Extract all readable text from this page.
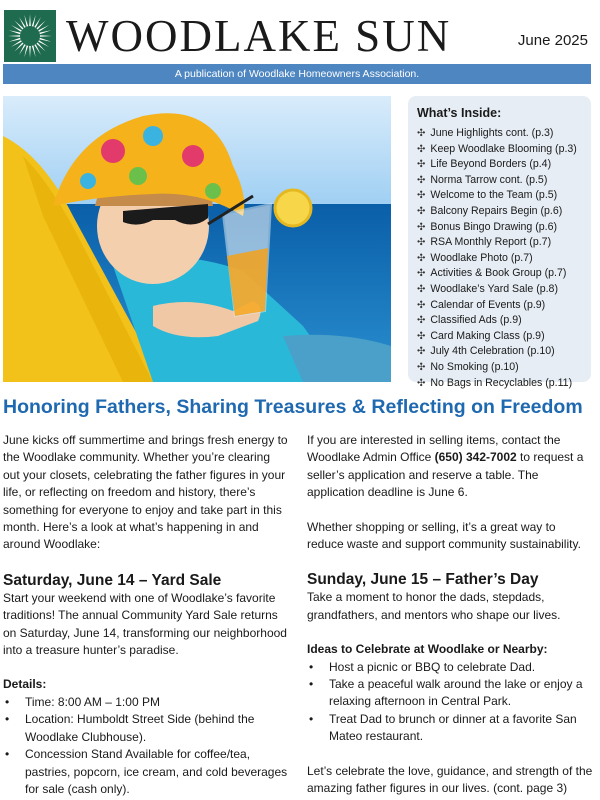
WOODLAKE SUN	June 2025
A publication of Woodlake Homeowners Association.
What’s Inside:
✣ June Highlights cont. (p.3)
✣ Keep Woodlake Blooming (p.3)
✣ Life Beyond Borders (p.4)
✣ Norma Tarrow cont. (p.5)
✣ Welcome to the Team (p.5)
✣ Balcony Repairs Begin (p.6)
✣ Bonus Bingo Drawing (p.6)
✣ RSA Monthly Report (p.7)
✣ Woodlake Photo (p.7)
✣ Activities & Book Group (p.7)
✣ Woodlake’s Yard Sale (p.8)
✣ Calendar of Events (p.9)
✣ Classified Ads (p.9)
✣ Card Making Class (p.9)
✣ July 4th Celebration (p.10)
✣ No Smoking (p.10)
✣ No Bags in Recyclables (p.11)
Honoring Fathers, Sharing Treasures & Reflecting on Freedom

June kicks off summertime and brings fresh energy to the Woodlake community. Whether you’re clearing out your closets, celebrating the father figures in your life, or reflecting on freedom and history, there’s something for everyone to enjoy and take part in this month. Here’s a look at what’s happening in and around Woodlake:

Saturday, June 14 – Yard Sale

Start your weekend with one of Woodlake’s favorite traditions! The annual Community Yard Sale returns on Saturday, June 14, transforming our neighborhood into a treasure hunter’s paradise.

Details:
• Time: 8:00 AM – 1:00 PM
• Location: Humboldt Street Side (behind the Woodlake Clubhouse).
• Concession Stand Available for coffee/tea, pastries, popcorn, ice cream, and cold beverages for sale (cash only).

If you are interested in selling items, contact the Woodlake Admin Office (650) 342-7002 to request a seller’s application and reserve a table. The application deadline is June 6.

Whether shopping or selling, it’s a great way to reduce waste and support community sustainability.

Sunday, June 15 – Father’s Day

Take a moment to honor the dads, stepdads, grandfathers, and mentors who shape our lives.

Ideas to Celebrate at Woodlake or Nearby:
• Host a picnic or BBQ to celebrate Dad.
• Take a peaceful walk around the lake or enjoy a relaxing afternoon in Central Park.
• Treat Dad to brunch or dinner at a favorite San Mateo restaurant.

Let’s celebrate the love, guidance, and strength of the amazing father figures in our lives. (cont. page 3)
